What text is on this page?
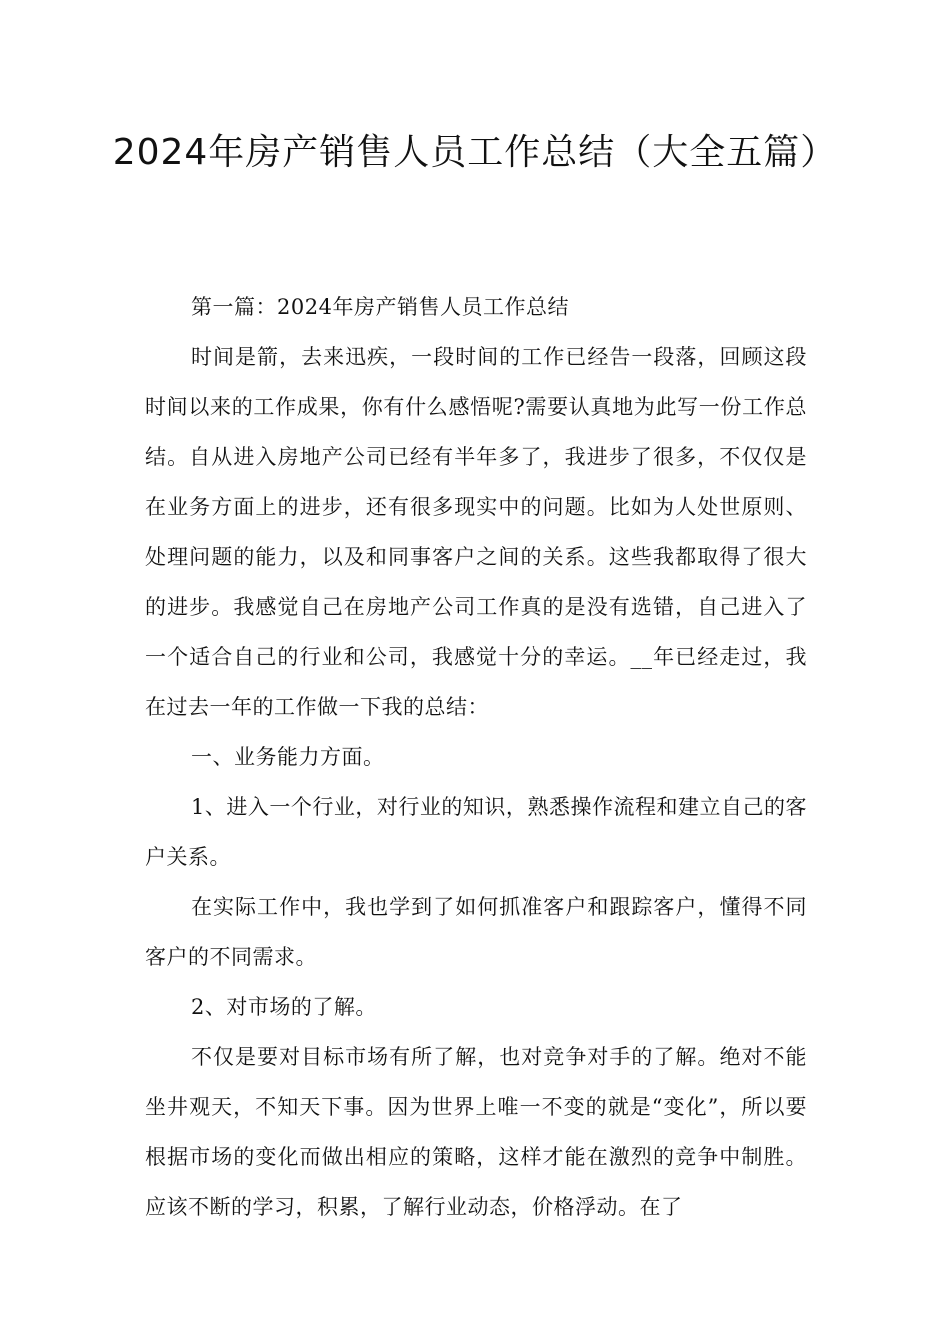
2024年房产销售人员工作总结（大全五篇）

第一篇：2024年房产销售人员工作总结

时间是箭，去来迅疾，一段时间的工作已经告一段落，回顾这段时间以来的工作成果，你有什么感悟呢?需要认真地为此写一份工作总结。自从进入房地产公司已经有半年多了，我进步了很多，不仅仅是在业务方面上的进步，还有很多现实中的问题。比如为人处世原则、处理问题的能力，以及和同事客户之间的关系。这些我都取得了很大的进步。我感觉自己在房地产公司工作真的是没有选错，自己进入了一个适合自己的行业和公司，我感觉十分的幸运。__年已经走过，我在过去一年的工作做一下我的总结：

一、业务能力方面。

1、进入一个行业，对行业的知识，熟悉操作流程和建立自己的客户关系。

在实际工作中，我也学到了如何抓准客户和跟踪客户，懂得不同客户的不同需求。

2、对市场的了解。

不仅是要对目标市场有所了解，也对竞争对手的了解。绝对不能坐井观天，不知天下事。因为世界上唯一不变的就是“变化”，所以要根据市场的变化而做出相应的策略，这样才能在激烈的竞争中制胜。应该不断的学习，积累，了解行业动态，价格浮动。在了
